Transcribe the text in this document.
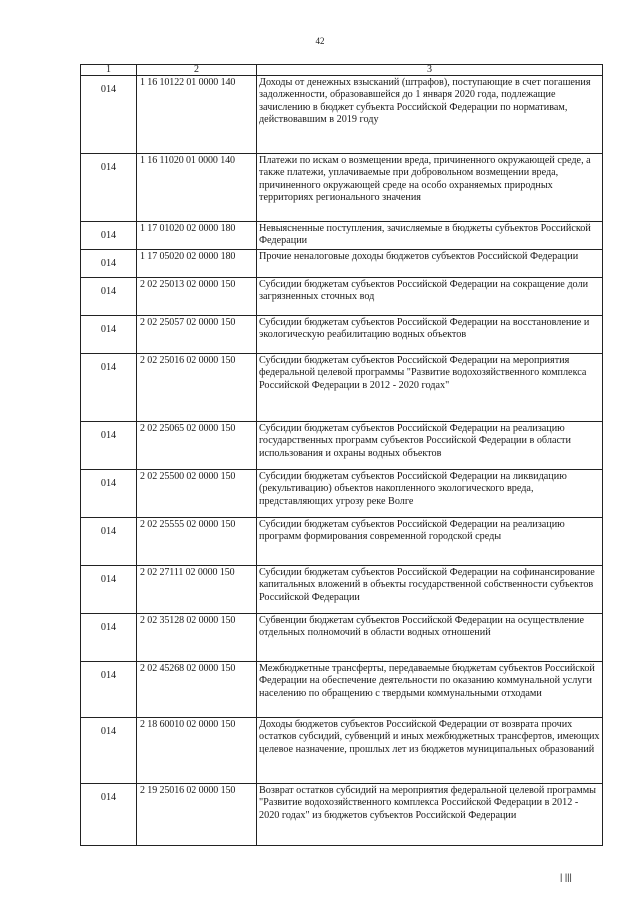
42
1	2	3
014	1 16 10122 01 0000 140	Доходы от денежных взысканий (штрафов), поступающие в счет погашения задолженности, образовавшейся до 1 января 2020 года, подлежащие зачислению в бюджет субъекта Российской Федерации по нормативам, действовавшим в 2019 году
014	1 16 11020 01 0000 140	Платежи по искам о возмещении вреда, причиненного окружающей среде, а также платежи, уплачиваемые при добровольном возмещении вреда, причиненного окружающей среде на особо охраняемых природных территориях регионального значения
014	1 17 01020 02 0000 180	Невыясненные поступления, зачисляемые в бюджеты субъектов Российской Федерации
014	1 17 05020 02 0000 180	Прочие неналоговые доходы бюджетов субъектов Российской Федерации
014	2 02 25013 02 0000 150	Субсидии бюджетам субъектов Российской Федерации на сокращение доли загрязненных сточных вод
014	2 02 25057 02 0000 150	Субсидии бюджетам субъектов Российской Федерации на восстановление и экологическую реабилитацию водных объектов
014	2 02 25016 02 0000 150	Субсидии бюджетам субъектов Российской Федерации на мероприятия федеральной целевой программы "Развитие водохозяйственного комплекса Российской Федерации в 2012 - 2020 годах"
014	2 02 25065 02 0000 150	Субсидии бюджетам субъектов Российской Федерации на реализацию государственных программ субъектов Российской Федерации в области использования и охраны водных объектов
014	2 02 25500 02 0000 150	Субсидии бюджетам субъектов Российской Федерации на ликвидацию (рекультивацию) объектов накопленного экологического вреда, представляющих угрозу реке Волге
014	2 02 25555 02 0000 150	Субсидии бюджетам субъектов Российской Федерации на реализацию программ формирования современной городской среды
014	2 02 27111 02 0000 150	Субсидии бюджетам субъектов Российской Федерации на софинансирование капитальных вложений в объекты государственной собственности субъектов Российской Федерации
014	2 02 35128 02 0000 150	Субвенции бюджетам субъектов Российской Федерации на осуществление отдельных полномочий в области водных отношений
014	2 02 45268 02 0000 150	Межбюджетные трансферты, передаваемые бюджетам субъектов Российской Федерации на обеспечение деятельности по оказанию коммунальной услуги населению по обращению с твердыми коммунальными отходами
014	2 18 60010 02 0000 150	Доходы бюджетов субъектов Российской Федерации от возврата прочих остатков субсидий, субвенций и иных межбюджетных трансфертов, имеющих целевое назначение, прошлых лет из бюджетов муниципальных образований
014	2 19 25016 02 0000 150	Возврат остатков субсидий на мероприятия федеральной целевой программы "Развитие водохозяйственного комплекса Российской Федерации в 2012 - 2020 годах" из бюджетов субъектов Российской Федерации
| |||
